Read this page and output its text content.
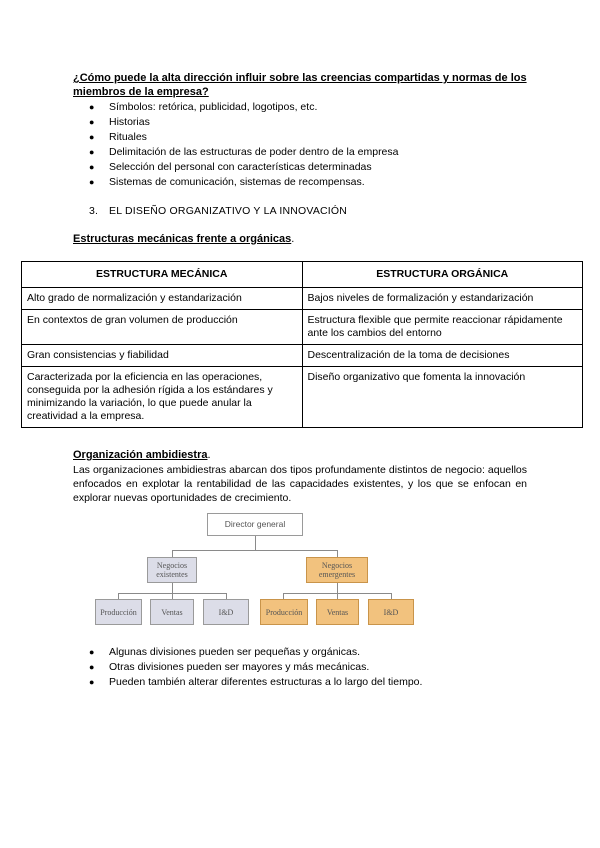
¿Cómo puede la alta dirección influir sobre las creencias compartidas y normas de los miembros de la empresa?

● Símbolos: retórica, publicidad, logotipos, etc.
● Historias
● Rituales
● Delimitación de las estructuras de poder dentro de la empresa
● Selección del personal con características determinadas
● Sistemas de comunicación, sistemas de recompensas.
3. EL DISEÑO ORGANIZATIVO Y LA INNOVACIÓN
Estructuras mecánicas frente a orgánicas.
ESTRUCTURA MECÁNICA	ESTRUCTURA ORGÁNICA
Alto grado de normalización y estandarización	Bajos niveles de formalización y estandarización
En contextos de gran volumen de producción	Estructura flexible que permite reaccionar rápidamente ante los cambios del entorno
Gran consistencias y fiabilidad	Descentralización de la toma de decisiones
Caracterizada por la eficiencia en las operaciones, conseguida por la adhesión rígida a los estándares y minimizando la variación, lo que puede anular la creatividad a la empresa.	Diseño organizativo que fomenta la innovación
Organización ambidiestra.

Las organizaciones ambidiestras abarcan dos tipos profundamente distintos de negocio: aquellos enfocados en explotar la rentabilidad de las capacidades existentes, y los que se enfocan en explorar nuevas oportunidades de crecimiento.

Director general
Negocios existentes
Negocios emergentes
Producción	Ventas	I&D	Producción	Ventas	I&D
● Algunas divisiones pueden ser pequeñas y orgánicas.
● Otras divisiones pueden ser mayores y más mecánicas.
● Pueden también alterar diferentes estructuras a lo largo del tiempo.
